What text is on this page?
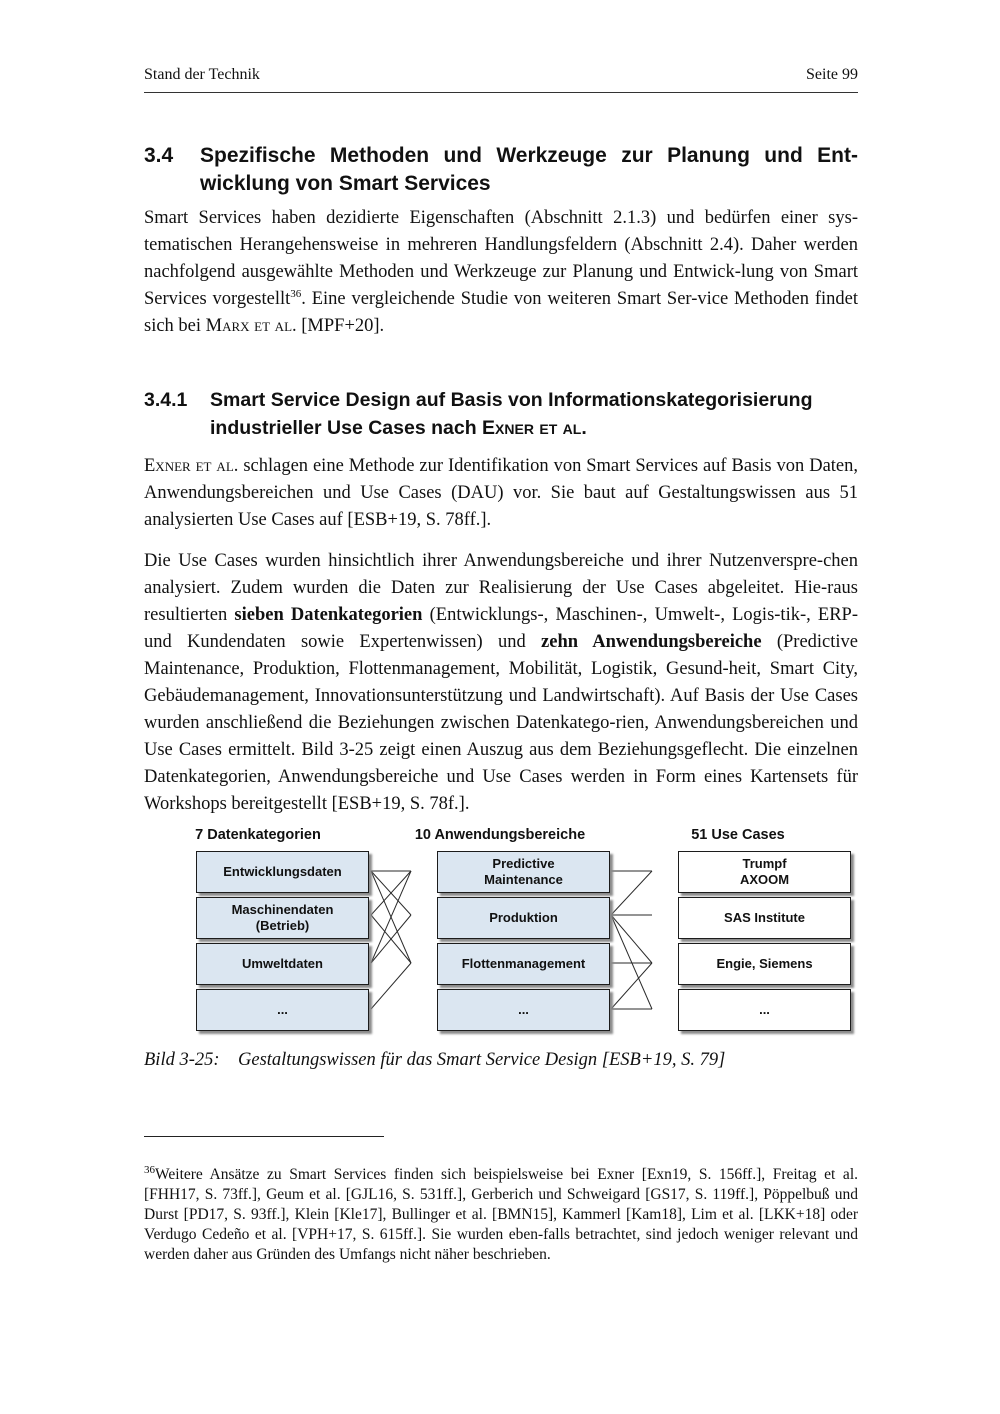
Stand der Technik	Seite 99
3.4 Spezifische Methoden und Werkzeuge zur Planung und Ent-wicklung von Smart Services

Smart Services haben dezidierte Eigenschaften (Abschnitt 2.1.3) und bedürfen einer sys-tematischen Herangehensweise in mehreren Handlungsfeldern (Abschnitt 2.4). Daher werden nachfolgend ausgewählte Methoden und Werkzeuge zur Planung und Entwick-lung von Smart Services vorgestellt$^{36}$. Eine vergleichende Studie von weiteren Smart Ser-vice Methoden findet sich bei Marx et al. [MPF+20].

3.4.1 Smart Service Design auf Basis von Informationskategorisierung industrieller Use Cases nach Exner et al.

Exner et al. schlagen eine Methode zur Identifikation von Smart Services auf Basis von Daten, Anwendungsbereichen und Use Cases (DAU) vor. Sie baut auf Gestaltungswissen aus 51 analysierten Use Cases auf [ESB+19, S. 78ff.].

Die Use Cases wurden hinsichtlich ihrer Anwendungsbereiche und ihrer Nutzenverspre-chen analysiert. Zudem wurden die Daten zur Realisierung der Use Cases abgeleitet. Hie-raus resultierten sieben Datenkategorien (Entwicklungs-, Maschinen-, Umwelt-, Logis-tik-, ERP- und Kundendaten sowie Expertenwissen) und zehn Anwendungsbereiche (Predictive Maintenance, Produktion, Flottenmanagement, Mobilität, Logistik, Gesund-heit, Smart City, Gebäudemanagement, Innovationsunterstützung und Landwirtschaft). Auf Basis der Use Cases wurden anschließend die Beziehungen zwischen Datenkatego-rien, Anwendungsbereichen und Use Cases ermittelt. Bild 3-25 zeigt einen Auszug aus dem Beziehungsgeflecht. Die einzelnen Datenkategorien, Anwendungsbereiche und Use Cases werden in Form eines Kartensets für Workshops bereitgestellt [ESB+19, S. 78f.].

7 Datenkategorien	10 Anwendungsbereiche	51 Use Cases
Entwicklungsdaten
Maschinendaten
(Betrieb)
Umweltdaten
...
Predictive
Maintenance
Produktion
Flottenmanagement
...
Trumpf
AXOOM
SAS Institute
Engie, Siemens
...
Bild 3-25: Gestaltungswissen für das Smart Service Design [ESB+19, S. 79]
$^{36}$Weitere Ansätze zu Smart Services finden sich beispielsweise bei Exner [Exn19, S. 156ff.], Freitag et al. [FHH17, S. 73ff.], Geum et al. [GJL16, S. 531ff.], Gerberich und Schweigard [GS17, S. 119ff.], Pöppelbuß und Durst [PD17, S. 93ff.], Klein [Kle17], Bullinger et al. [BMN15], Kammerl [Kam18], Lim et al. [LKK+18] oder Verdugo Cedeño et al. [VPH+17, S. 615ff.]. Sie wurden eben-falls betrachtet, sind jedoch weniger relevant und werden daher aus Gründen des Umfangs nicht näher beschrieben.
